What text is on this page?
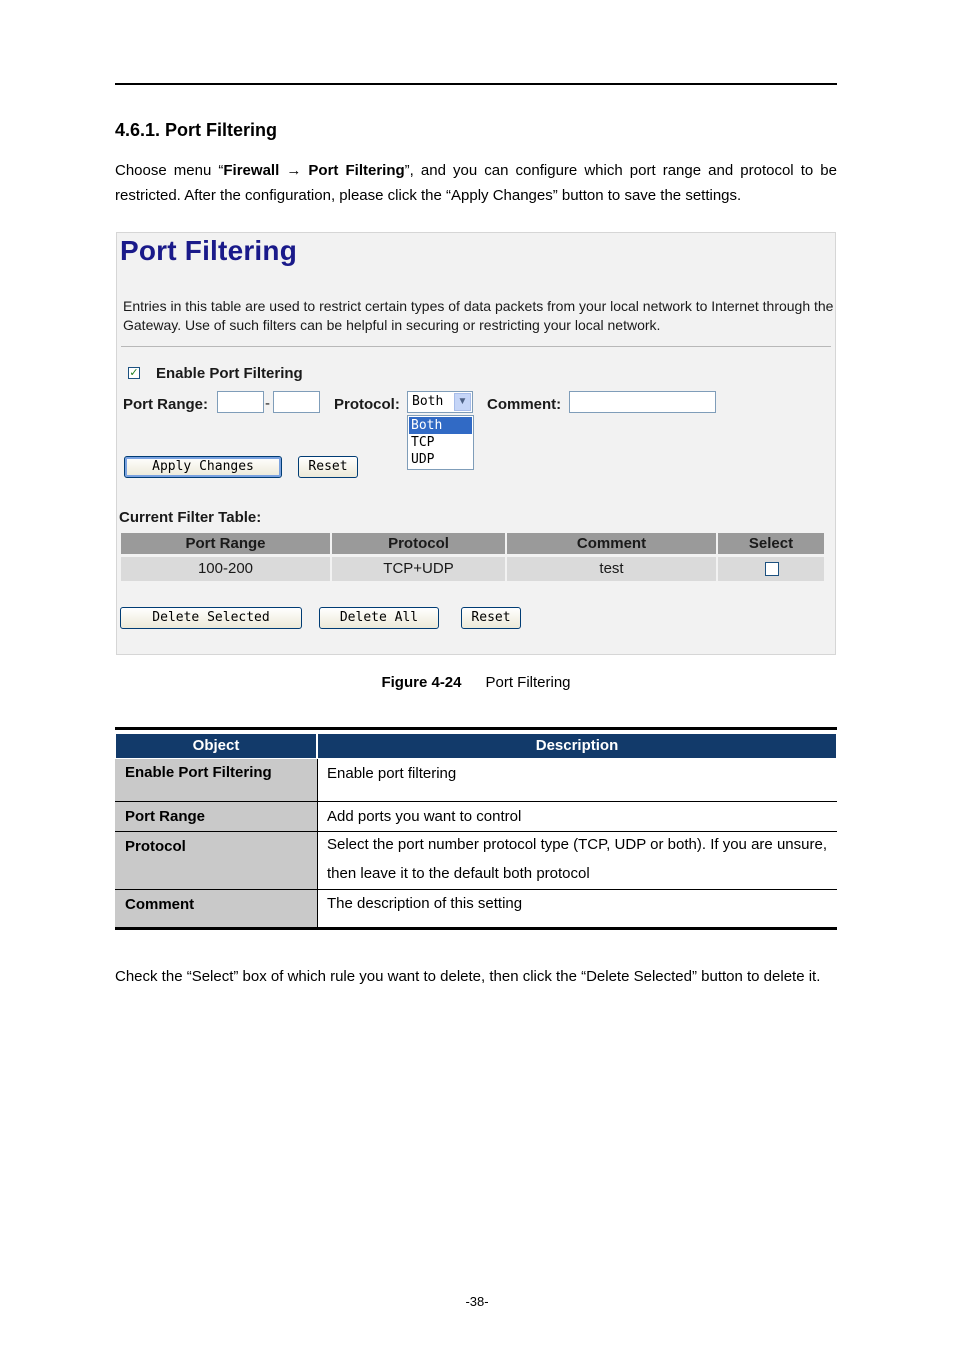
4.6.1. Port Filtering
Choose menu “Firewall → Port Filtering”, and you can configure which port range and protocol to be restricted. After the configuration, please click the “Apply Changes” button to save the settings.
Port Filtering
Entries in this table are used to restrict certain types of data packets from your local network to Internet through the Gateway. Use of such filters can be helpful in securing or restricting your local network.
✓ Enable Port Filtering
Port Range:	-	Protocol: Both	▼
Both
TCP
UDP
Comment:
Apply Changes	Reset
Current Filter Table:
Port Range	Protocol	Comment	Select
100-200	TCP+UDP	test
Delete Selected	Delete All	Reset
Figure 4-24 Port Filtering
Object	Description
Enable Port Filtering	Enable port filtering
Port Range	Add ports you want to control
Protocol	Select the port number protocol type (TCP, UDP or both). If you are unsure, then leave it to the default both protocol
Comment	The description of this setting
Check the “Select” box of which rule you want to delete, then click the “Delete Selected” button to delete it.
-38-
